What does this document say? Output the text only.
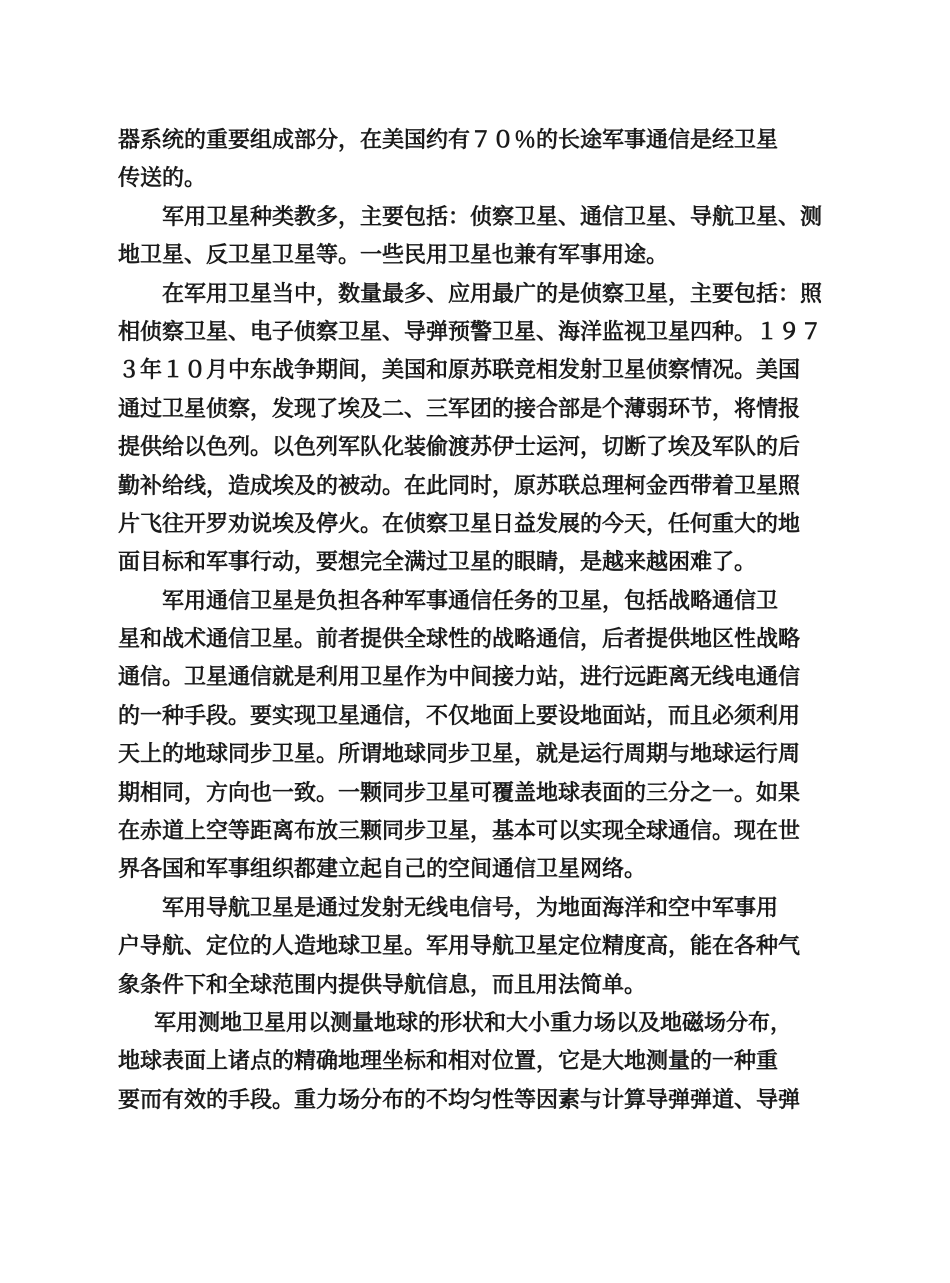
器系统的重要组成部分，在美国约有７０％的长途军事通信是经卫星
传送的。
军用卫星种类教多，主要包括：侦察卫星、通信卫星、导航卫星、测
地卫星、反卫星卫星等。一些民用卫星也兼有军事用途。
在军用卫星当中，数量最多、应用最广的是侦察卫星，主要包括：照
相侦察卫星、电子侦察卫星、导弹预警卫星、海洋监视卫星四种。１９７
３年１０月中东战争期间，美国和原苏联竞相发射卫星侦察情况。美国
通过卫星侦察，发现了埃及二、三军团的接合部是个薄弱环节，将情报
提供给以色列。以色列军队化装偷渡苏伊士运河，切断了埃及军队的后
勤补给线，造成埃及的被动。在此同时，原苏联总理柯金西带着卫星照
片飞往开罗劝说埃及停火。在侦察卫星日益发展的今天，任何重大的地
面目标和军事行动，要想完全满过卫星的眼睛，是越来越困难了。
军用通信卫星是负担各种军事通信任务的卫星，包括战略通信卫
星和战术通信卫星。前者提供全球性的战略通信，后者提供地区性战略
通信。卫星通信就是利用卫星作为中间接力站，进行远距离无线电通信
的一种手段。要实现卫星通信，不仅地面上要设地面站，而且必须利用
天上的地球同步卫星。所谓地球同步卫星，就是运行周期与地球运行周
期相同，方向也一致。一颗同步卫星可覆盖地球表面的三分之一。如果
在赤道上空等距离布放三颗同步卫星，基本可以实现全球通信。现在世
界各国和军事组织都建立起自己的空间通信卫星网络。
军用导航卫星是通过发射无线电信号，为地面海洋和空中军事用
户导航、定位的人造地球卫星。军用导航卫星定位精度高，能在各种气
象条件下和全球范围内提供导航信息，而且用法简单。
军用测地卫星用以测量地球的形状和大小重力场以及地磁场分布，
地球表面上诸点的精确地理坐标和相对位置，它是大地测量的一种重
要而有效的手段。重力场分布的不均匀性等因素与计算导弹弹道、导弹
